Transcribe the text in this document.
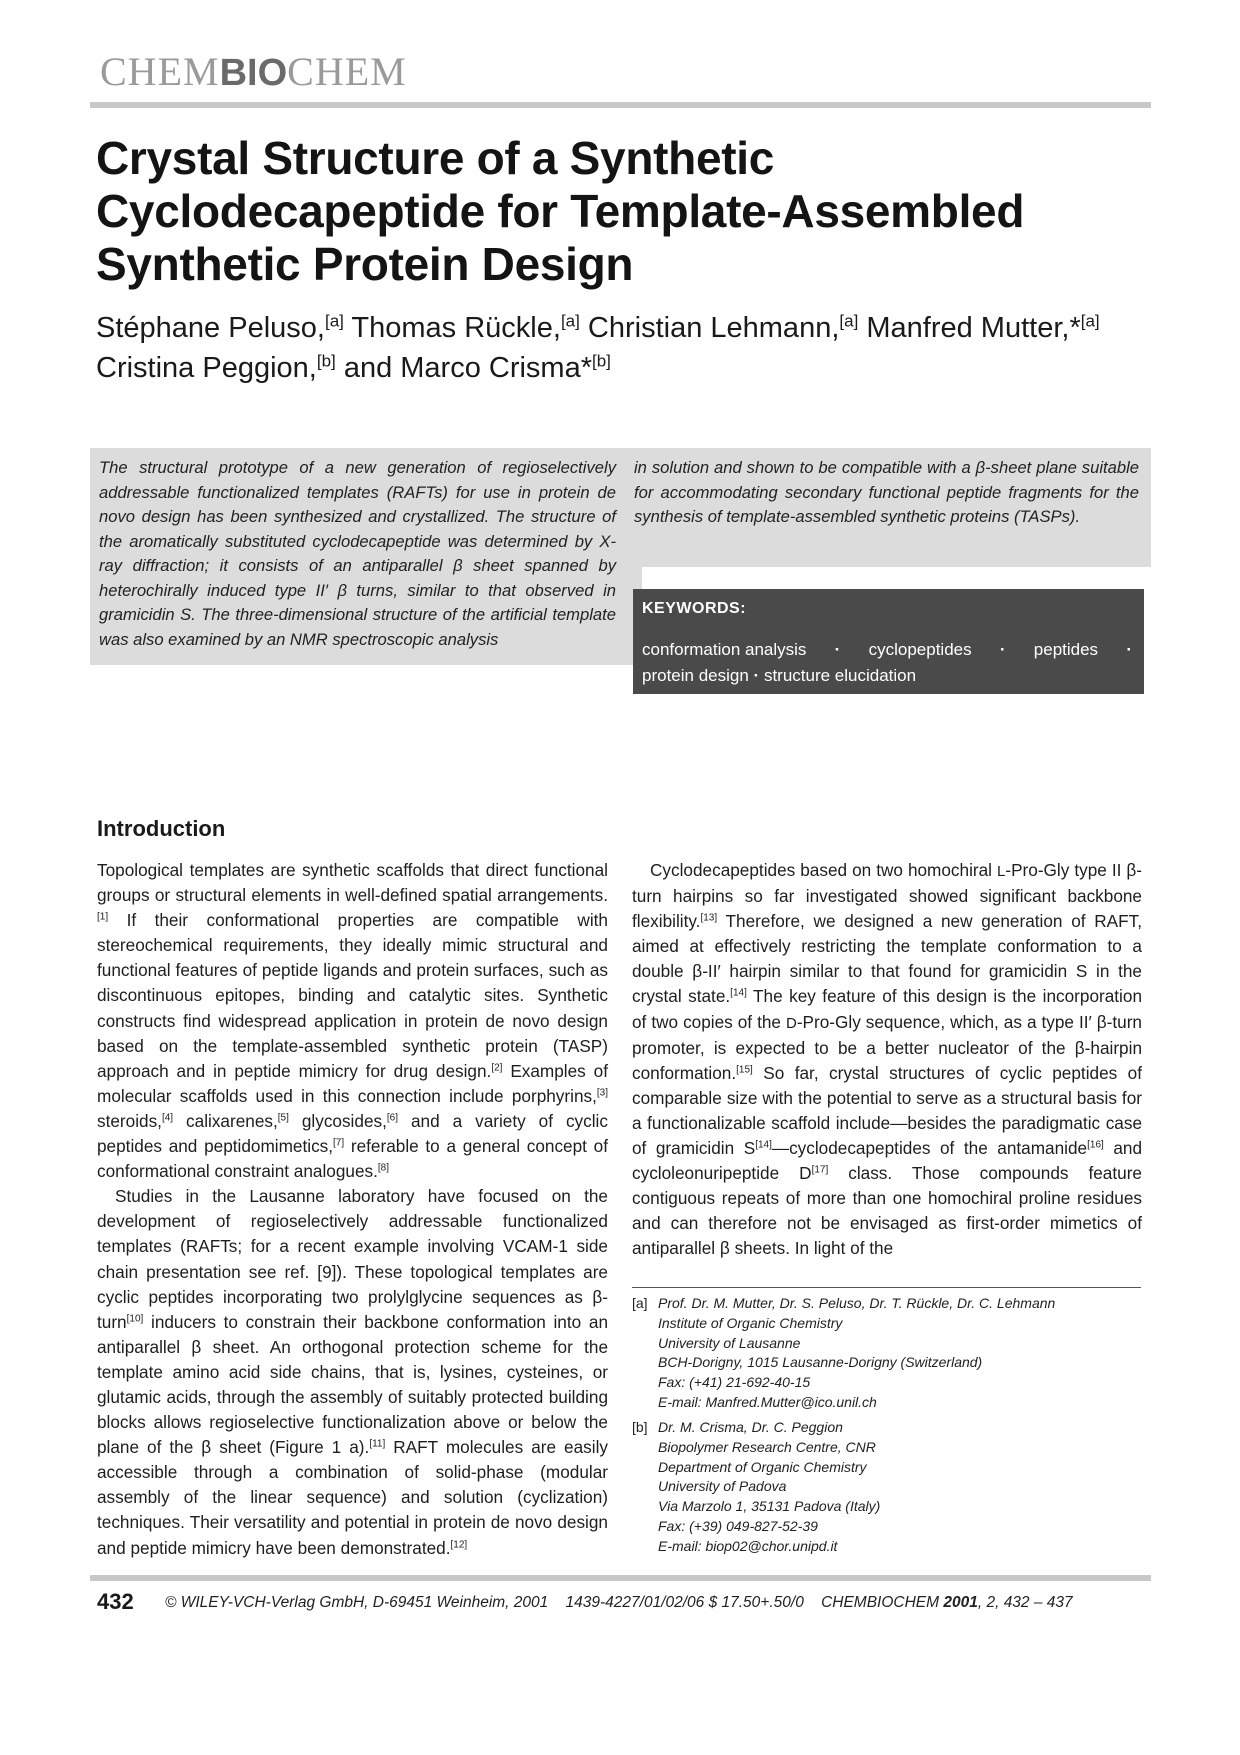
CHEMBIOCHEM
Crystal Structure of a Synthetic Cyclodecapeptide for Template-Assembled Synthetic Protein Design
Stéphane Peluso,[a] Thomas Rückle,[a] Christian Lehmann,[a] Manfred Mutter,*[a]
Cristina Peggion,[b] and Marco Crisma*[b]
The structural prototype of a new generation of regioselectively addressable functionalized templates (RAFTs) for use in protein de novo design has been synthesized and crystallized. The structure of the aromatically substituted cyclodecapeptide was determined by X-ray diffraction; it consists of an antiparallel β sheet spanned by heterochirally induced type II′ β turns, similar to that observed in gramicidin S. The three-dimensional structure of the artificial template was also examined by an NMR spectroscopic analysis
in solution and shown to be compatible with a β-sheet plane suitable for accommodating secondary functional peptide fragments for the synthesis of template-assembled synthetic proteins (TASPs).
KEYWORDS:
conformation analysis · cyclopeptides · peptides ·
protein design · structure elucidation
Introduction

Topological templates are synthetic scaffolds that direct functional groups or structural elements in well-defined spatial arrangements.[1] If their conformational properties are compatible with stereochemical requirements, they ideally mimic structural and functional features of peptide ligands and protein surfaces, such as discontinuous epitopes, binding and catalytic sites. Synthetic constructs find widespread application in protein de novo design based on the template-assembled synthetic protein (TASP) approach and in peptide mimicry for drug design.[2] Examples of molecular scaffolds used in this connection include porphyrins,[3] steroids,[4] calixarenes,[5] glycosides,[6] and a variety of cyclic peptides and peptidomimetics,[7] referable to a general concept of conformational constraint analogues.[8]

Studies in the Lausanne laboratory have focused on the development of regioselectively addressable functionalized templates (RAFTs; for a recent example involving VCAM-1 side chain presentation see ref. [9]). These topological templates are cyclic peptides incorporating two prolylglycine sequences as β-turn[10] inducers to constrain their backbone conformation into an antiparallel β sheet. An orthogonal protection scheme for the template amino acid side chains, that is, lysines, cysteines, or glutamic acids, through the assembly of suitably protected building blocks allows regioselective functionalization above or below the plane of the β sheet (Figure 1 a).[11] RAFT molecules are easily accessible through a combination of solid-phase (modular assembly of the linear sequence) and solution (cyclization) techniques. Their versatility and potential in protein de novo design and peptide mimicry have been demonstrated.[12]

Cyclodecapeptides based on two homochiral L-Pro-Gly type II β-turn hairpins so far investigated showed significant backbone flexibility.[13] Therefore, we designed a new generation of RAFT, aimed at effectively restricting the template conformation to a double β-II′ hairpin similar to that found for gramicidin S in the crystal state.[14] The key feature of this design is the incorporation of two copies of the D-Pro-Gly sequence, which, as a type II′ β-turn promoter, is expected to be a better nucleator of the β-hairpin conformation.[15] So far, crystal structures of cyclic peptides of comparable size with the potential to serve as a structural basis for a functionalizable scaffold include—besides the paradigmatic case of gramicidin S[14]—cyclodecapeptides of the antamanide[16] and cycloleonuripeptide D[17] class. Those compounds feature contiguous repeats of more than one homochiral proline residues and can therefore not be envisaged as first-order mimetics of antiparallel β sheets. In light of the

[a] Prof. Dr. M. Mutter, Dr. S. Peluso, Dr. T. Rückle, Dr. C. Lehmann
Institute of Organic Chemistry
University of Lausanne
BCH-Dorigny, 1015 Lausanne-Dorigny (Switzerland)
Fax: (+41) 21-692-40-15
E-mail: Manfred.Mutter@ico.unil.ch
[b] Dr. M. Crisma, Dr. C. Peggion
Biopolymer Research Centre, CNR
Department of Organic Chemistry
University of Padova
Via Marzolo 1, 35131 Padova (Italy)
Fax: (+39) 049-827-52-39
E-mail: biop02@chor.unipd.it
432 © WILEY-VCH-Verlag GmbH, D-69451 Weinheim, 2001 1439-4227/01/02/06 $ 17.50+.50/0 CHEMBIOCHEM 2001, 2, 432 – 437
